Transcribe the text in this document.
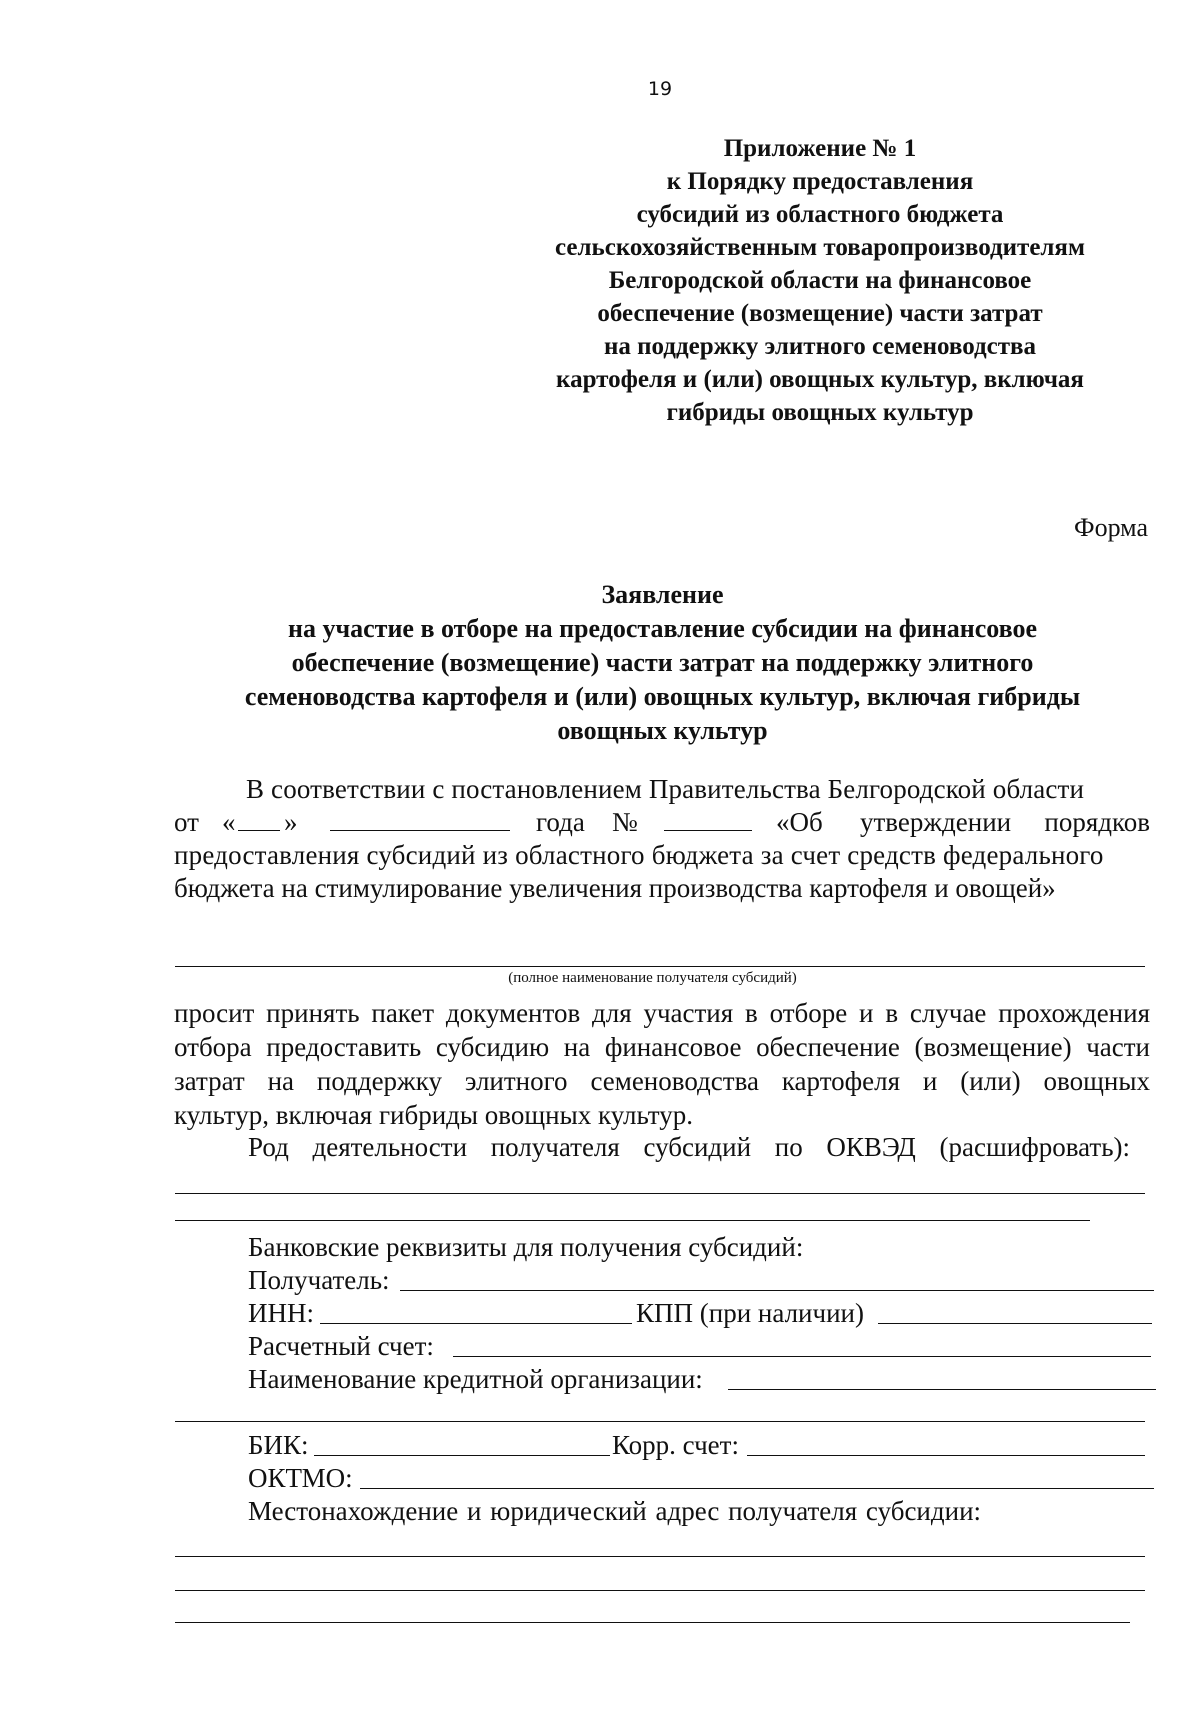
19
Приложение № 1
к Порядку предоставления
субсидий из областного бюджета
сельскохозяйственным товаропроизводителям
Белгородской области на финансовое
обеспечение (возмещение) части затрат
на поддержку элитного семеноводства
картофеля и (или) овощных культур, включая
гибриды овощных культур
Форма
Заявление
на участие в отборе на предоставление субсидии на финансовое
обеспечение (возмещение) части затрат на поддержку элитного
семеноводства картофеля и (или) овощных культур, включая гибриды
овощных культур
В соответствии с постановлением Правительства Белгородской области
от « »	года №	«Об утверждении порядков
предоставления субсидий из областного бюджета за счет средств федерального
бюджета на стимулирование увеличения производства картофеля и овощей»
(полное наименование получателя субсидий)
просит принять пакет документов для участия в отборе и в случае прохождения
отбора предоставить субсидию на финансовое обеспечение (возмещение) части
затрат на поддержку элитного семеноводства картофеля и (или) овощных
культур, включая гибриды овощных культур.
Род деятельности получателя субсидий по ОКВЭД (расшифровать):
Банковские реквизиты для получения субсидий:
Получатель:
ИНН:	КПП (при наличии)
Расчетный счет:
Наименование кредитной организации:
БИК:	Корр. счет:
ОКТМО:
Местонахождение и юридический адрес получателя субсидии:
